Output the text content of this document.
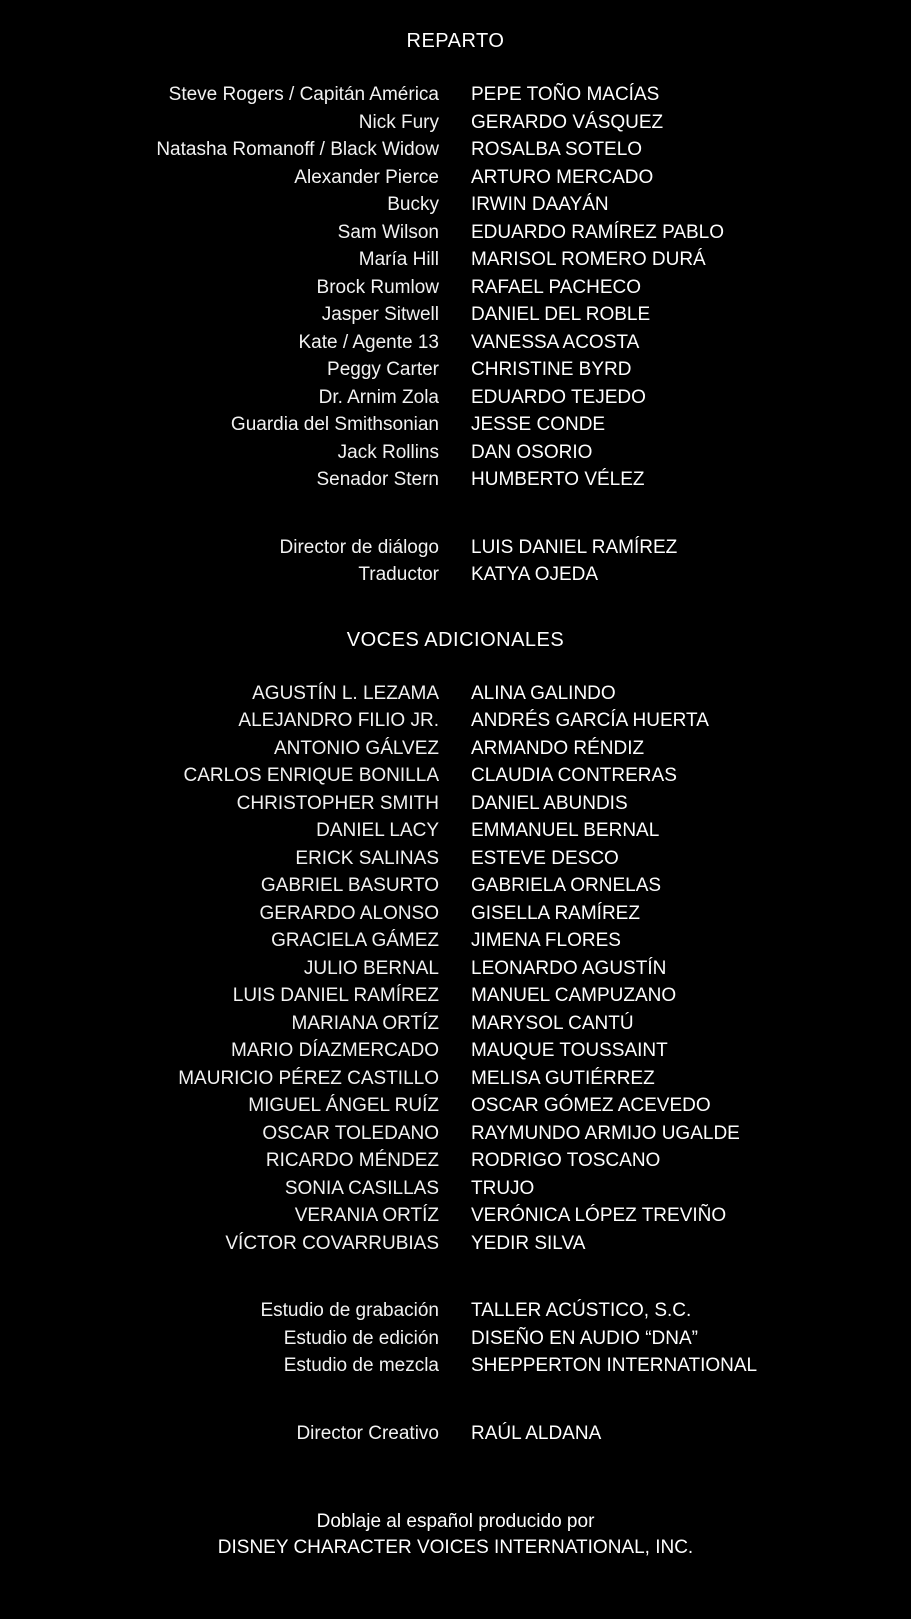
REPARTO
Steve Rogers / Capitán América	PEPE TOÑO MACÍAS
Nick Fury	GERARDO VÁSQUEZ
Natasha Romanoff / Black Widow	ROSALBA SOTELO
Alexander Pierce	ARTURO MERCADO
Bucky	IRWIN DAAYÁN
Sam Wilson	EDUARDO RAMÍREZ PABLO
María Hill	MARISOL ROMERO DURÁ
Brock Rumlow	RAFAEL PACHECO
Jasper Sitwell	DANIEL DEL ROBLE
Kate / Agente 13	VANESSA ACOSTA
Peggy Carter	CHRISTINE BYRD
Dr. Arnim Zola	EDUARDO TEJEDO
Guardia del Smithsonian	JESSE CONDE
Jack Rollins	DAN OSORIO
Senador Stern	HUMBERTO VÉLEZ
Director de diálogo	LUIS DANIEL RAMÍREZ
Traductor	KATYA OJEDA
VOCES ADICIONALES
AGUSTÍN L. LEZAMA	ALINA GALINDO
ALEJANDRO FILIO JR.	ANDRÉS GARCÍA HUERTA
ANTONIO GÁLVEZ	ARMANDO RÉNDIZ
CARLOS ENRIQUE BONILLA	CLAUDIA CONTRERAS
CHRISTOPHER SMITH	DANIEL ABUNDIS
DANIEL LACY	EMMANUEL BERNAL
ERICK SALINAS	ESTEVE DESCO
GABRIEL BASURTO	GABRIELA ORNELAS
GERARDO ALONSO	GISELLA RAMÍREZ
GRACIELA GÁMEZ	JIMENA FLORES
JULIO BERNAL	LEONARDO AGUSTÍN
LUIS DANIEL RAMÍREZ	MANUEL CAMPUZANO
MARIANA ORTÍZ	MARYSOL CANTÚ
MARIO DÍAZMERCADO	MAUQUE TOUSSAINT
MAURICIO PÉREZ CASTILLO	MELISA GUTIÉRREZ
MIGUEL ÁNGEL RUÍZ	OSCAR GÓMEZ ACEVEDO
OSCAR TOLEDANO	RAYMUNDO ARMIJO UGALDE
RICARDO MÉNDEZ	RODRIGO TOSCANO
SONIA CASILLAS	TRUJO
VERANIA ORTÍZ	VERÓNICA LÓPEZ TREVIÑO
VÍCTOR COVARRUBIAS	YEDIR SILVA
Estudio de grabación	TALLER ACÚSTICO, S.C.
Estudio de edición	DISEÑO EN AUDIO “DNA”
Estudio de mezcla	SHEPPERTON INTERNATIONAL
Director Creativo	RAÚL ALDANA
Doblaje al español producido por
DISNEY CHARACTER VOICES INTERNATIONAL, INC.
